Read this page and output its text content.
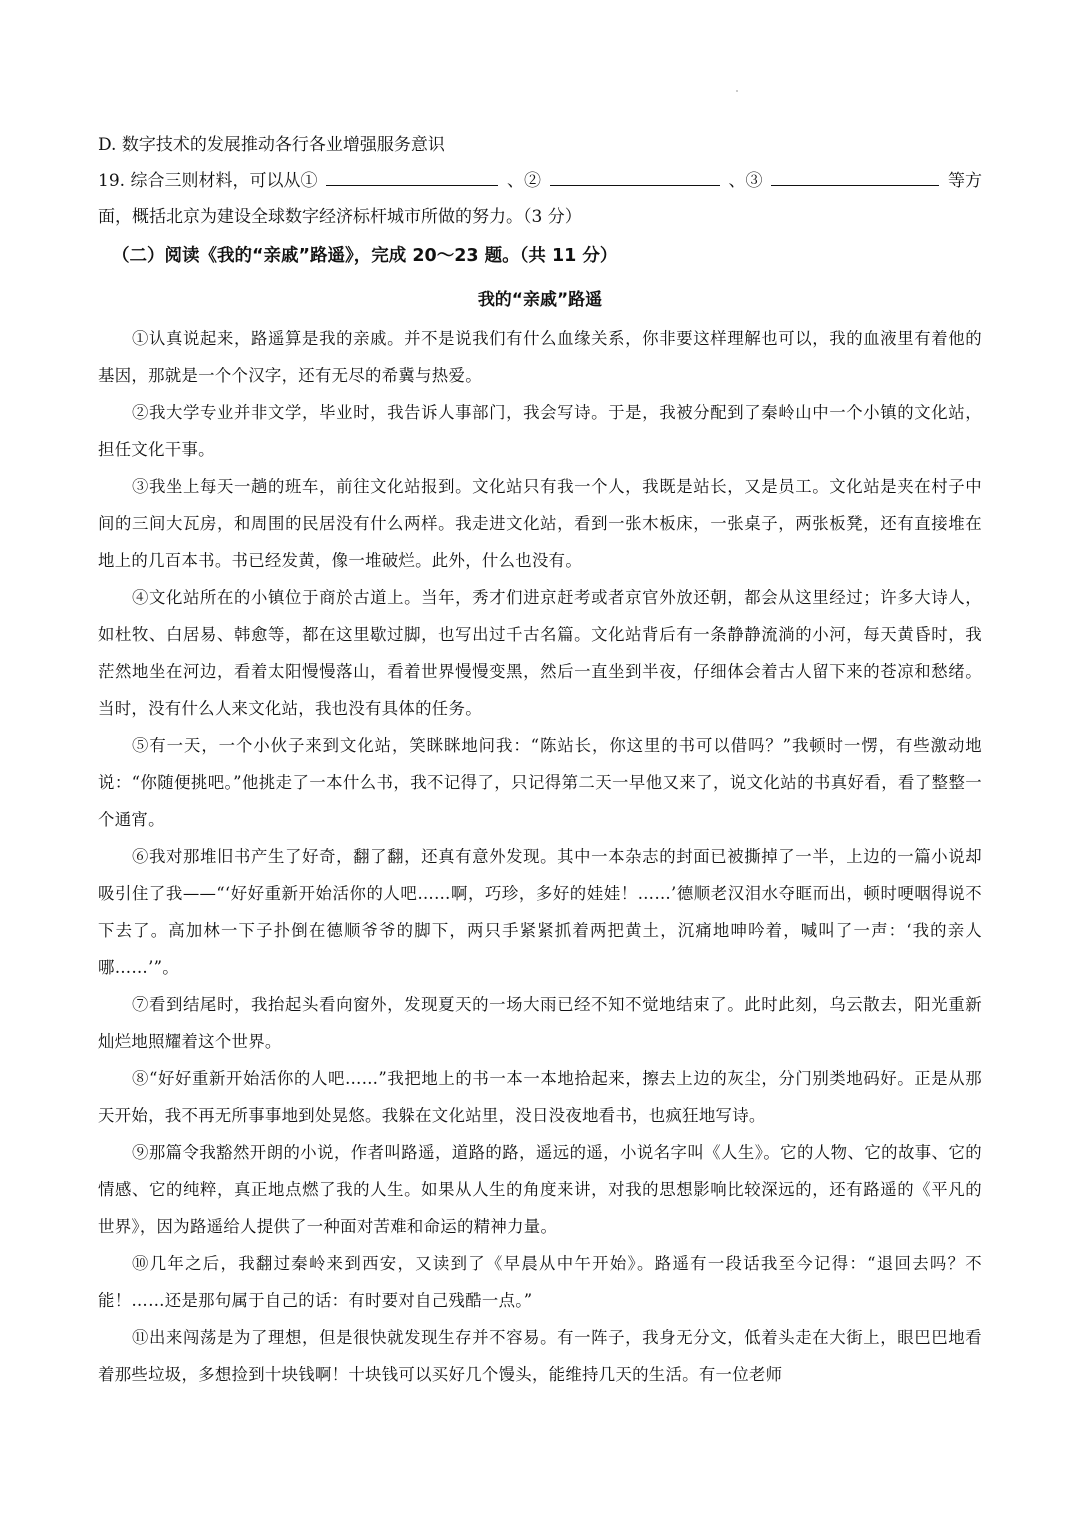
D. 数字技术的发展推动各行各业增强服务意识
19. 综合三则材料，可以从①	、②	、③	等方
面，概括北京为建设全球数字经济标杆城市所做的努力。（3 分）
（二）阅读《我的“亲戚”路遥》，完成 20～23 题。（共 11 分）
我的“亲戚”路遥

①认真说起来，路遥算是我的亲戚。并不是说我们有什么血缘关系，你非要这样理解也可以，我的血液里有着他的基因，那就是一个个汉字，还有无尽的希冀与热爱。

②我大学专业并非文学，毕业时，我告诉人事部门，我会写诗。于是，我被分配到了秦岭山中一个小镇的文化站，担任文化干事。

③我坐上每天一趟的班车，前往文化站报到。文化站只有我一个人，我既是站长，又是员工。文化站是夹在村子中间的三间大瓦房，和周围的民居没有什么两样。我走进文化站，看到一张木板床，一张桌子，两张板凳，还有直接堆在地上的几百本书。书已经发黄，像一堆破烂。此外，什么也没有。

④文化站所在的小镇位于商於古道上。当年，秀才们进京赶考或者京官外放还朝，都会从这里经过；许多大诗人，如杜牧、白居易、韩愈等，都在这里歇过脚，也写出过千古名篇。文化站背后有一条静静流淌的小河，每天黄昏时，我茫然地坐在河边，看着太阳慢慢落山，看着世界慢慢变黑，然后一直坐到半夜，仔细体会着古人留下来的苍凉和愁绪。当时，没有什么人来文化站，我也没有具体的任务。

⑤有一天，一个小伙子来到文化站，笑眯眯地问我：“陈站长，你这里的书可以借吗？”我顿时一愣，有些激动地说：“你随便挑吧。”他挑走了一本什么书，我不记得了，只记得第二天一早他又来了，说文化站的书真好看，看了整整一个通宵。

⑥我对那堆旧书产生了好奇，翻了翻，还真有意外发现。其中一本杂志的封面已被撕掉了一半，上边的一篇小说却吸引住了我——“‘好好重新开始活你的人吧……啊，巧珍，多好的娃娃！……’德顺老汉泪水夺眶而出，顿时哽咽得说不下去了。高加林一下子扑倒在德顺爷爷的脚下，两只手紧紧抓着两把黄土，沉痛地呻吟着，喊叫了一声：‘我的亲人哪……’”。

⑦看到结尾时，我抬起头看向窗外，发现夏天的一场大雨已经不知不觉地结束了。此时此刻，乌云散去，阳光重新灿烂地照耀着这个世界。

⑧“好好重新开始活你的人吧……”我把地上的书一本一本地拾起来，擦去上边的灰尘，分门别类地码好。正是从那天开始，我不再无所事事地到处晃悠。我躲在文化站里，没日没夜地看书，也疯狂地写诗。

⑨那篇令我豁然开朗的小说，作者叫路遥，道路的路，遥远的遥，小说名字叫《人生》。它的人物、它的故事、它的情感、它的纯粹，真正地点燃了我的人生。如果从人生的角度来讲，对我的思想影响比较深远的，还有路遥的《平凡的世界》，因为路遥给人提供了一种面对苦难和命运的精神力量。

⑩几年之后，我翻过秦岭来到西安，又读到了《早晨从中午开始》。路遥有一段话我至今记得：“退回去吗？不能！……还是那句属于自己的话：有时要对自己残酷一点。”

⑪出来闯荡是为了理想，但是很快就发现生存并不容易。有一阵子，我身无分文，低着头走在大街上，眼巴巴地看着那些垃圾，多想捡到十块钱啊！十块钱可以买好几个馒头，能维持几天的生活。有一位老师
